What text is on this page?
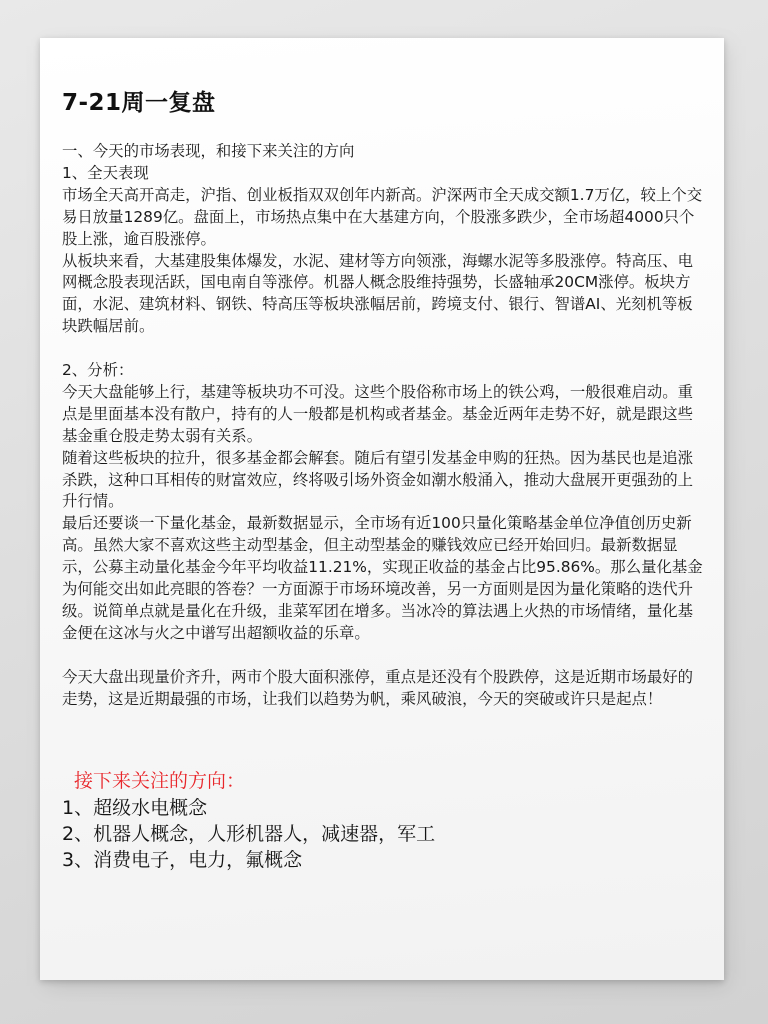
7-21周一复盘

一、今天的市场表现，和接下来关注的方向

1、全天表现

市场全天高开高走，沪指、创业板指双双创年内新高。沪深两市全天成交额1.7万亿，较上个交易日放量1289亿。盘面上，市场热点集中在大基建方向，个股涨多跌少，全市场超4000只个股上涨，逾百股涨停。

从板块来看，大基建股集体爆发，水泥、建材等方向领涨，海螺水泥等多股涨停。特高压、电网概念股表现活跃，国电南自等涨停。机器人概念股维持强势，长盛轴承20CM涨停。板块方面，水泥、建筑材料、钢铁、特高压等板块涨幅居前，跨境支付、银行、智谱AI、光刻机等板块跌幅居前。

2、分析：

今天大盘能够上行，基建等板块功不可没。这些个股俗称市场上的铁公鸡，一般很难启动。重点是里面基本没有散户，持有的人一般都是机构或者基金。基金近两年走势不好，就是跟这些基金重仓股走势太弱有关系。

随着这些板块的拉升，很多基金都会解套。随后有望引发基金申购的狂热。因为基民也是追涨杀跌，这种口耳相传的财富效应，终将吸引场外资金如潮水般涌入，推动大盘展开更强劲的上升行情。

最后还要谈一下量化基金，最新数据显示，全市场有近100只量化策略基金单位净值创历史新高。虽然大家不喜欢这些主动型基金，但主动型基金的赚钱效应已经开始回归。最新数据显示，公募主动量化基金今年平均收益11.21%，实现正收益的基金占比95.86%。那么量化基金为何能交出如此亮眼的答卷？一方面源于市场环境改善，另一方面则是因为量化策略的迭代升级。说简单点就是量化在升级，韭菜军团在增多。当冰冷的算法遇上火热的市场情绪，量化基金便在这冰与火之中谱写出超额收益的乐章。

今天大盘出现量价齐升，两市个股大面积涨停，重点是还没有个股跌停，这是近期市场最好的走势，这是近期最强的市场，让我们以趋势为帆，乘风破浪，今天的突破或许只是起点！

接下来关注的方向：
1、超级水电概念
2、机器人概念，人形机器人，减速器，军工
3、消费电子，电力，氟概念
